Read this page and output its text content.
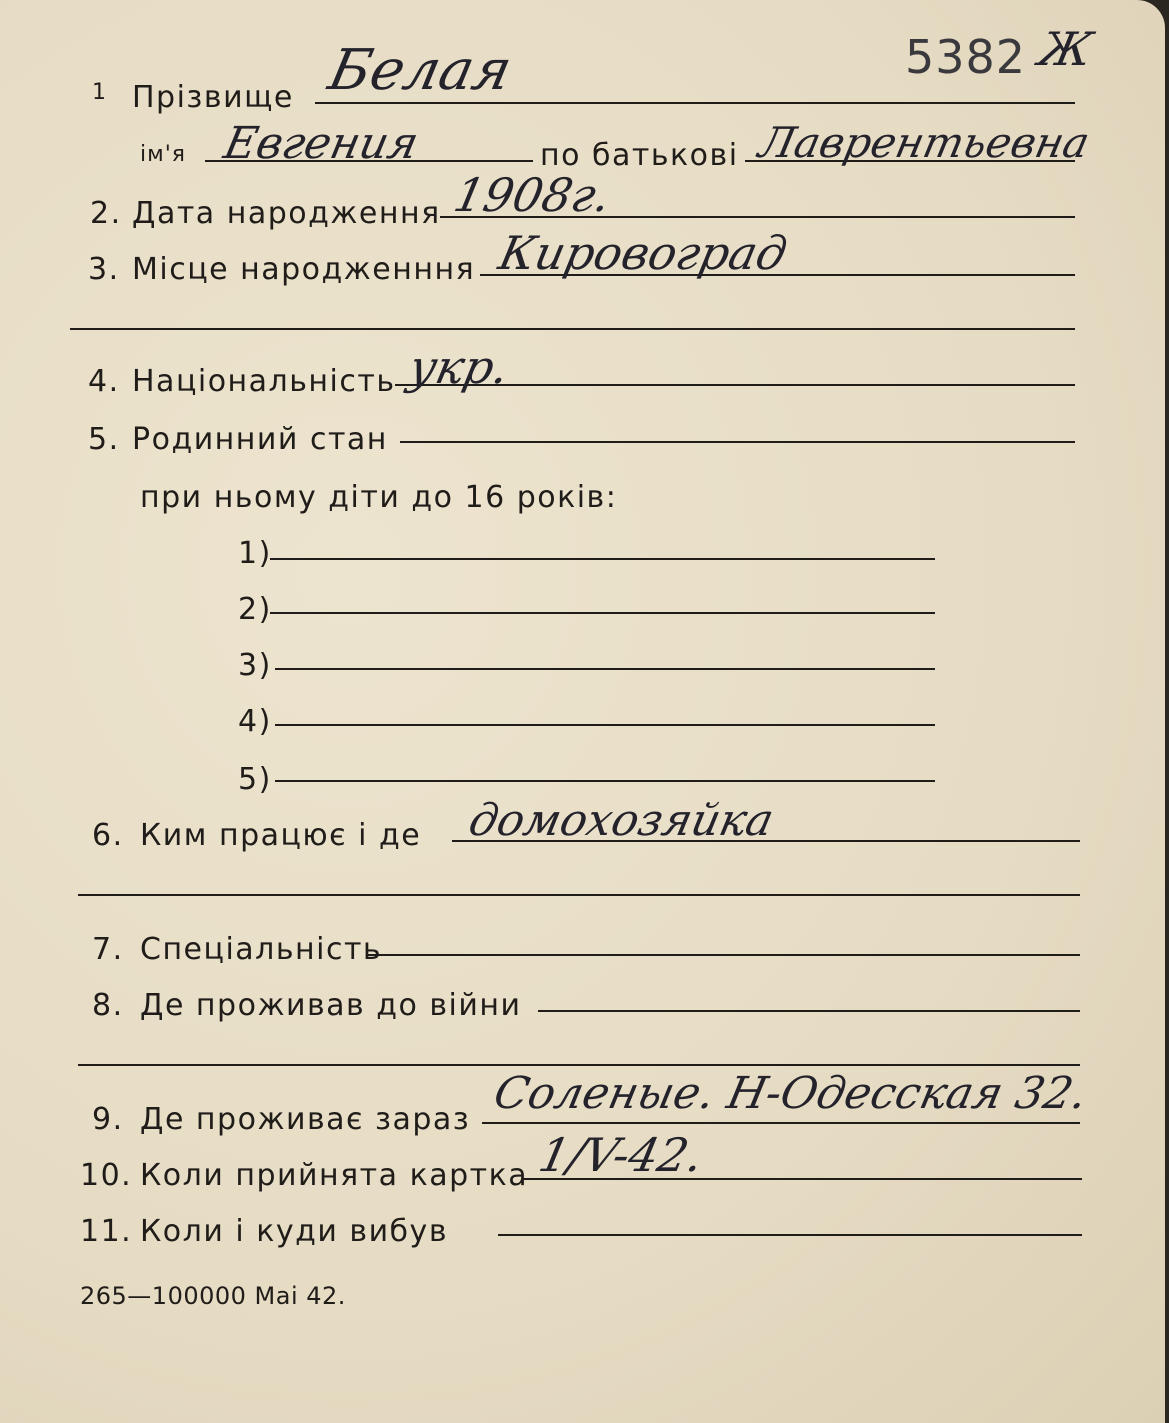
5382 Ж
1 Прізвище Белая
ім'я Евгения	по батькові Лаврентьевна
2. Дата народження 1908г.
3. Місце народженння Кировоград
4. Національність укр.
5. Родинний стан
при ньому діти до 16 років:
1)
2)
3)
4)
5)
6. Ким працює і де домохозяйка
7. Спеціальність
8. Де проживав до війни
9. Де проживає зараз
Соленые. Н-Одесская 32.
10. Коли прийнята картка 1/V-42.
11. Коли і куди вибув
265—100000 Mai 42.
